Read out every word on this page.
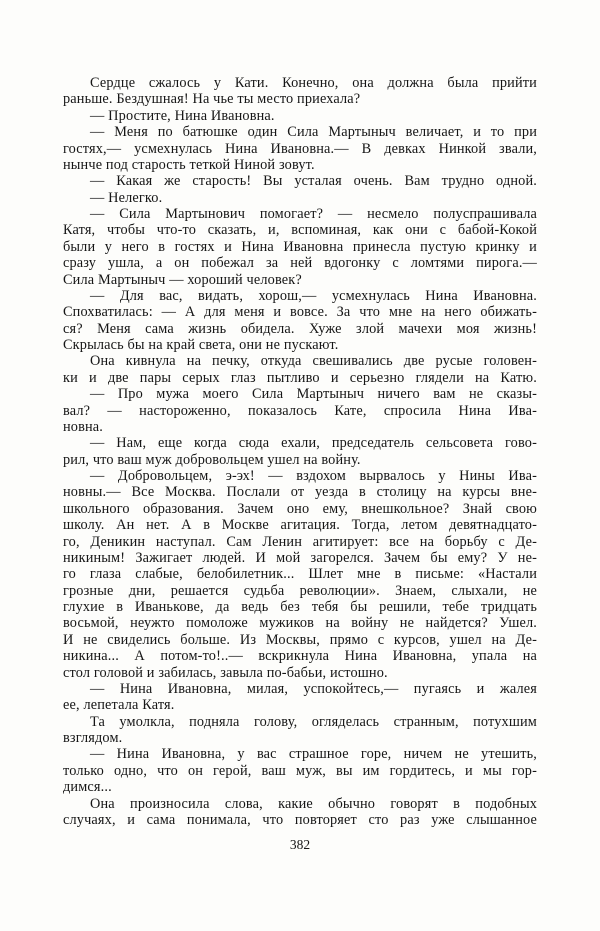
Сердце сжалось у Кати. Конечно, она должна была прийти
раньше. Бездушная! На чье ты место приехала?
— Простите, Нина Ивановна.
— Меня по батюшке один Сила Мартыныч величает, и то при
гостях,— усмехнулась Нина Ивановна.— В девках Нинкой звали,
нынче под старость теткой Ниной зовут.
— Какая же старость! Вы усталая очень. Вам трудно одной.
— Нелегко.
— Сила Мартынович помогает? — несмело полуспрашивала
Катя, чтобы что-то сказать, и, вспоминая, как они с бабой-Кокой
были у него в гостях и Нина Ивановна принесла пустую кринку и
сразу ушла, а он побежал за ней вдогонку с ломтями пирога.—
Сила Мартыныч — хороший человек?
— Для вас, видать, хорош,— усмехнулась Нина Ивановна.
Спохватилась: — А для меня и вовсе. За что мне на него обижать-
ся? Меня сама жизнь обидела. Хуже злой мачехи моя жизнь!
Скрылась бы на край света, они не пускают.
Она кивнула на печку, откуда свешивались две русые головен-
ки и две пары серых глаз пытливо и серьезно глядели на Катю.
— Про мужа моего Сила Мартыныч ничего вам не сказы-
вал? — настороженно, показалось Кате, спросила Нина Ива-
новна.
— Нам, еще когда сюда ехали, председатель сельсовета гово-
рил, что ваш муж добровольцем ушел на войну.
— Добровольцем, э-эх! — вздохом вырвалось у Нины Ива-
новны.— Все Москва. Послали от уезда в столицу на курсы вне-
школьного образования. Зачем оно ему, внешкольное? Знай свою
школу. Ан нет. А в Москве агитация. Тогда, летом девятнадцато-
го, Деникин наступал. Сам Ленин агитирует: все на борьбу с Де-
никиным! Зажигает людей. И мой загорелся. Зачем бы ему? У не-
го глаза слабые, белобилетник... Шлет мне в письме: «Настали
грозные дни, решается судьба революции». Знаем, слыхали, не
глухие в Иванькове, да ведь без тебя бы решили, тебе тридцать
восьмой, неужто помоложе мужиков на войну не найдется? Ушел.
И не свиделись больше. Из Москвы, прямо с курсов, ушел на Де-
никина... А потом-то!..— вскрикнула Нина Ивановна, упала на
стол головой и забилась, завыла по-бабьи, истошно.
— Нина Ивановна, милая, успокойтесь,— пугаясь и жалея
ее, лепетала Катя.
Та умолкла, подняла голову, огляделась странным, потухшим
взглядом.
— Нина Ивановна, у вас страшное горе, ничем не утешить,
только одно, что он герой, ваш муж, вы им гордитесь, и мы гор-
димся...
Она произносила слова, какие обычно говорят в подобных
случаях, и сама понимала, что повторяет сто раз уже слышанное
382
